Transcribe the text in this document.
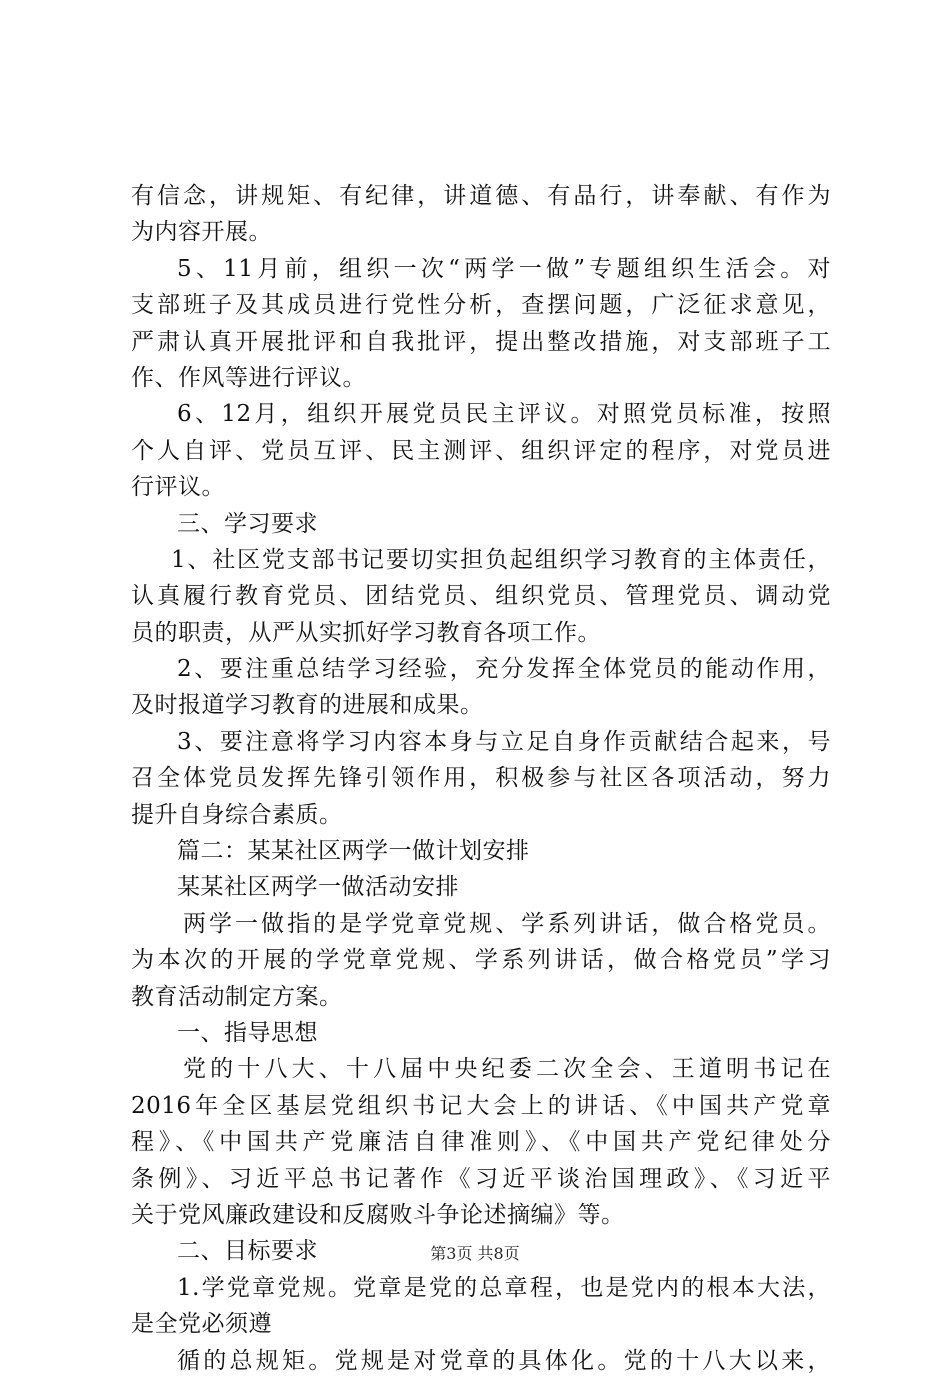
有信念，讲规矩、有纪律，讲道德、有品行，讲奉献、有作为
为内容开展。
5、11月前，组织一次“两学一做”专题组织生活会。对
支部班子及其成员进行党性分析，查摆问题，广泛征求意见，
严肃认真开展批评和自我批评，提出整改措施，对支部班子工
作、作风等进行评议。
6、12月，组织开展党员民主评议。对照党员标准，按照
个人自评、党员互评、民主测评、组织评定的程序，对党员进
行评议。
三、学习要求
1、社区党支部书记要切实担负起组织学习教育的主体责任，
认真履行教育党员、团结党员、组织党员、管理党员、调动党
员的职责，从严从实抓好学习教育各项工作。
2、要注重总结学习经验，充分发挥全体党员的能动作用，
及时报道学习教育的进展和成果。
3、要注意将学习内容本身与立足自身作贡献结合起来，号
召全体党员发挥先锋引领作用，积极参与社区各项活动，努力
提升自身综合素质。
篇二：某某社区两学一做计划安排
某某社区两学一做活动安排
两学一做指的是学党章党规、学系列讲话，做合格党员。
为本次的开展的学党章党规、学系列讲话，做合格党员”学习
教育活动制定方案。
一、指导思想
党的十八大、十八届中央纪委二次全会、王道明书记在
2016年全区基层党组织书记大会上的讲话、《中国共产党章
程》、《中国共产党廉洁自律准则》、《中国共产党纪律处分
条例》、习近平总书记著作《习近平谈治国理政》、《习近平
关于党风廉政建设和反腐败斗争论述摘编》等。
二、目标要求
1.学党章党规。党章是党的总章程，也是党内的根本大法，
是全党必须遵
循的总规矩。党规是对党章的具体化。党的十八大以来，
第3页 共8页
